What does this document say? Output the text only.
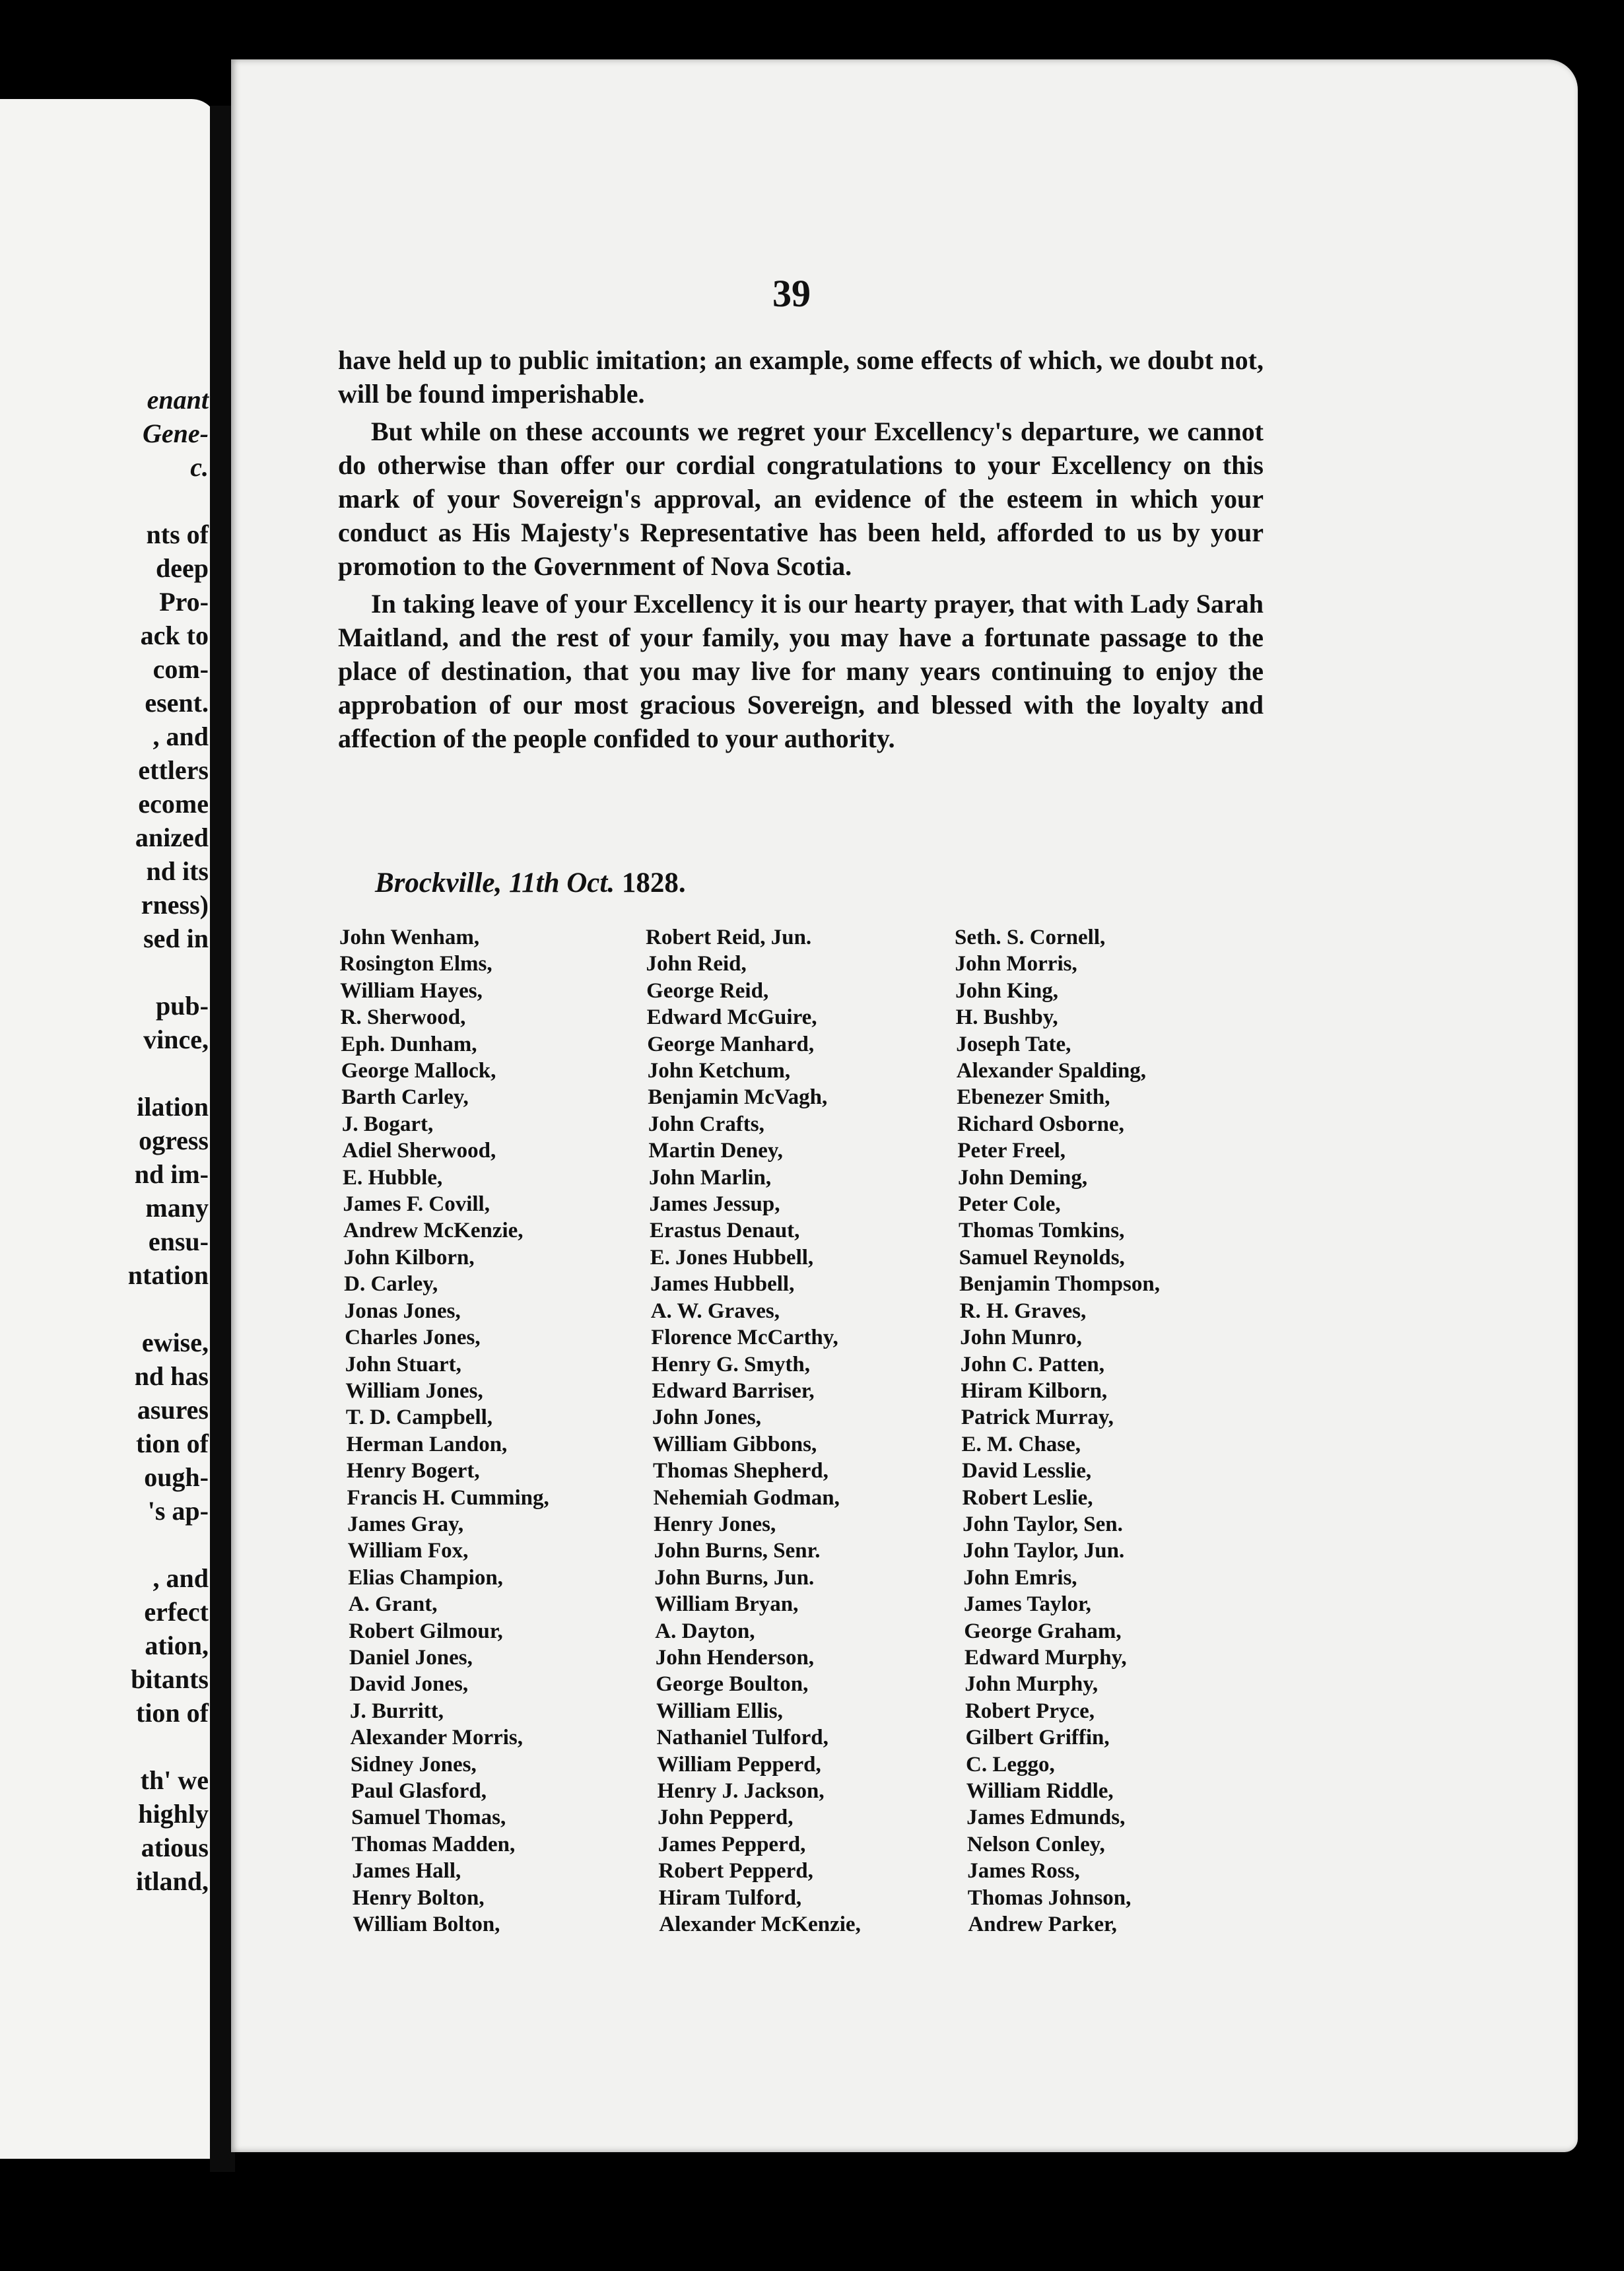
enant
Gene-
c.
nts of
deep
Pro-
ack to
com-
esent.
, and
ettlers
ecome
anized
nd its
rness)
sed in
pub-
vince,
ilation
ogress
nd im-
many
ensu-
ntation
ewise,
nd has
asures
tion of
ough-
's ap-
, and
erfect
ation,
bitants
tion of
th' we
highly
atious
itland,
39

have held up to public imitation; an example, some effects of which, we doubt not, will be found imperishable.

But while on these accounts we regret your Excellency's departure, we cannot do otherwise than offer our cordial congratulations to your Excellency on this mark of your Sovereign's approval, an evidence of the esteem in which your conduct as His Majesty's Representative has been held, afforded to us by your promotion to the Government of Nova Scotia.

In taking leave of your Excellency it is our hearty prayer, that with Lady Sarah Maitland, and the rest of your family, you may have a fortunate passage to the place of destination, that you may live for many years continuing to enjoy the approbation of our most gracious Sovereign, and blessed with the loyalty and affection of the people confided to your authority.

Brockville, 11th Oct. 1828.
John Wenham,
Rosington Elms,
William Hayes,
R. Sherwood,
Eph. Dunham,
George Mallock,
Barth Carley,
J. Bogart,
Adiel Sherwood,
E. Hubble,
James F. Covill,
Andrew McKenzie,
John Kilborn,
D. Carley,
Jonas Jones,
Charles Jones,
John Stuart,
William Jones,
T. D. Campbell,
Herman Landon,
Henry Bogert,
Francis H. Cumming,
James Gray,
William Fox,
Elias Champion,
A. Grant,
Robert Gilmour,
Daniel Jones,
David Jones,
J. Burritt,
Alexander Morris,
Sidney Jones,
Paul Glasford,
Samuel Thomas,
Thomas Madden,
James Hall,
Henry Bolton,
William Bolton,
Robert Reid, Jun.
John Reid,
George Reid,
Edward McGuire,
George Manhard,
John Ketchum,
Benjamin McVagh,
John Crafts,
Martin Deney,
John Marlin,
James Jessup,
Erastus Denaut,
E. Jones Hubbell,
James Hubbell,
A. W. Graves,
Florence McCarthy,
Henry G. Smyth,
Edward Barriser,
John Jones,
William Gibbons,
Thomas Shepherd,
Nehemiah Godman,
Henry Jones,
John Burns, Senr.
John Burns, Jun.
William Bryan,
A. Dayton,
John Henderson,
George Boulton,
William Ellis,
Nathaniel Tulford,
William Pepperd,
Henry J. Jackson,
John Pepperd,
James Pepperd,
Robert Pepperd,
Hiram Tulford,
Alexander McKenzie,
Seth. S. Cornell,
John Morris,
John King,
H. Bushby,
Joseph Tate,
Alexander Spalding,
Ebenezer Smith,
Richard Osborne,
Peter Freel,
John Deming,
Peter Cole,
Thomas Tomkins,
Samuel Reynolds,
Benjamin Thompson,
R. H. Graves,
John Munro,
John C. Patten,
Hiram Kilborn,
Patrick Murray,
E. M. Chase,
David Lesslie,
Robert Leslie,
John Taylor, Sen.
John Taylor, Jun.
John Emris,
James Taylor,
George Graham,
Edward Murphy,
John Murphy,
Robert Pryce,
Gilbert Griffin,
C. Leggo,
William Riddle,
James Edmunds,
Nelson Conley,
James Ross,
Thomas Johnson,
Andrew Parker,
